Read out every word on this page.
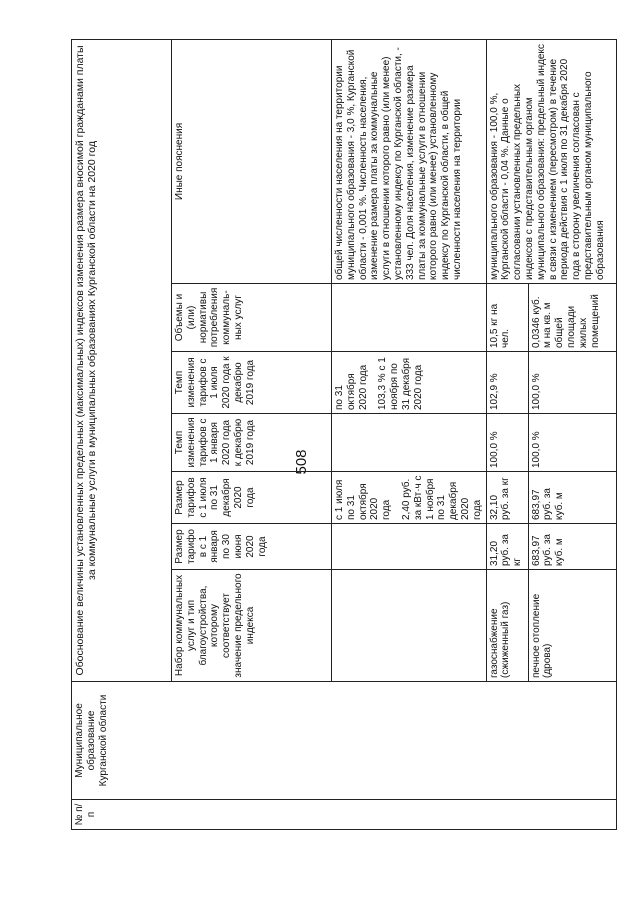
508
№ п/п	Муниципальное образование Курганской области	Обоснование величины установленных предельных (максимальных) индексов изменения размера вносимой гражданами платы за коммунальные услуги в муниципальных образованиях Курганской области на 2020 год						
		Набор коммунальных услуг и тип благоустройства, которому соответствует значение предельного индекса	Размер тарифов с 1 января по 30 июня 2020 года	Размер тарифов с 1 июля по 31 декабря 2020 года	Темп изменения тарифов с 1 января 2020 года к декабрю 2019 года	Темп изменения тарифов с 1 июля 2020 года к декабрю 2019 года	Объемы и (или) нормативы потребления коммуналь-ных услуг	Иные пояснения

				с 1 июля по 31 октября 2020 года 2,40 руб. за кВт·ч с 1 ноября по 31 декабря 2020 года		по 31 октября 2020 года 103,3 % с 1 ноября по 31 декабря 2020 года		общей численности населения на территории муниципального образования - 3,0 %, Курганской области - 0,001 %. Численность населения, изменение размера платы за коммунальные услуги в отношении которого равно (или менее) установленному индексу по Курганской области, - 333 чел. Доля населения, изменение размера платы за коммунальные услуги в отношении которого равно (или менее) установленному индексу по Курганской области, в общей численности населения на территории
		газоснабжение (сжиженный газ)	31,20 руб. за кг	32,10 руб. за кг	100,0 %	102,9 %	10,5 кг на чел.	муниципального образования - 100,0 %, Курганской области - 0,04 %. Данные о согласовании установленных предельных индексов с представительным органом муниципального образования: предельный индекс в связи с изменением (пересмотром) в течение периода действия с 1 июля по 31 декабря 2020 года в сторону увеличения согласован с представительным органом муниципального образования
		печное отопление (дрова)	683,97 руб. за куб. м	683,97 руб. за куб. м	100,0 %	100,0 %	0,0346 куб. м на кв. м общей площади жилых помещений	
